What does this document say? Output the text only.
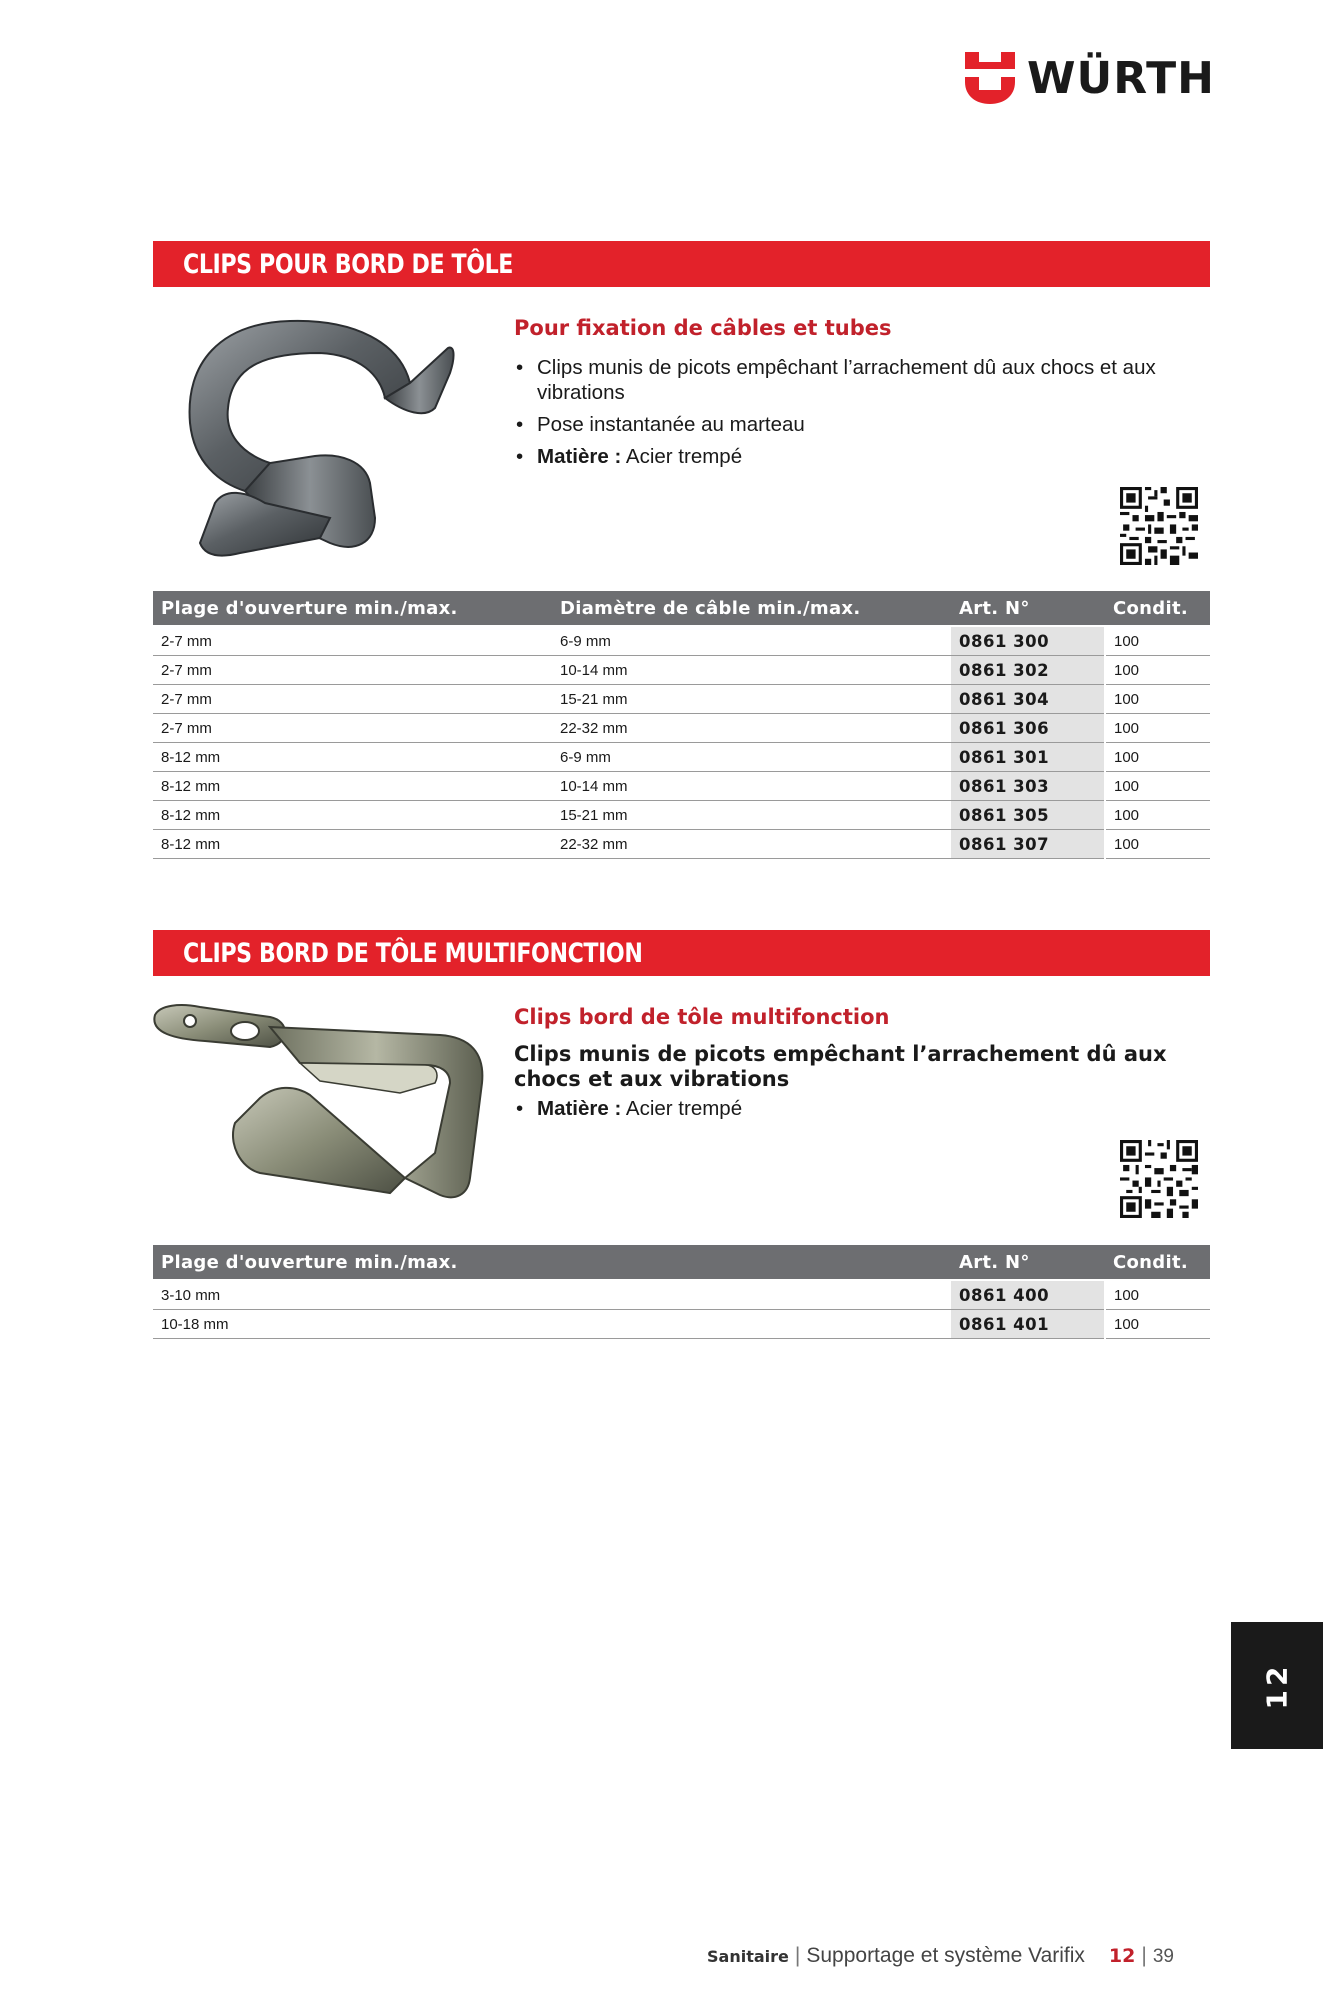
WÜRTH
CLIPS POUR BORD DE TÔLE
Pour fixation de câbles et tubes
• Clips munis de picots empêchant l’arrachement dû aux chocs et aux vibrations
• Pose instantanée au marteau
• Matière : Acier trempé
Plage d'ouverture min./max.	Diamètre de câble min./max.	Art. N°	Condit.
2-7 mm	6-9 mm	0861 300	100
2-7 mm	10-14 mm	0861 302	100
2-7 mm	15-21 mm	0861 304	100
2-7 mm	22-32 mm	0861 306	100
8-12 mm	6-9 mm	0861 301	100
8-12 mm	10-14 mm	0861 303	100
8-12 mm	15-21 mm	0861 305	100
8-12 mm	22-32 mm	0861 307	100
CLIPS BORD DE TÔLE MULTIFONCTION
Clips bord de tôle multifonction
Clips munis de picots empêchant l’arrachement dû aux chocs et aux vibrations
• Matière : Acier trempé
Plage d'ouverture min./max.	Art. N°	Condit.
3-10 mm	0861 400	100
10-18 mm	0861 401	100
12
Sanitaire | Supportage et système Varifix 12 | 39
